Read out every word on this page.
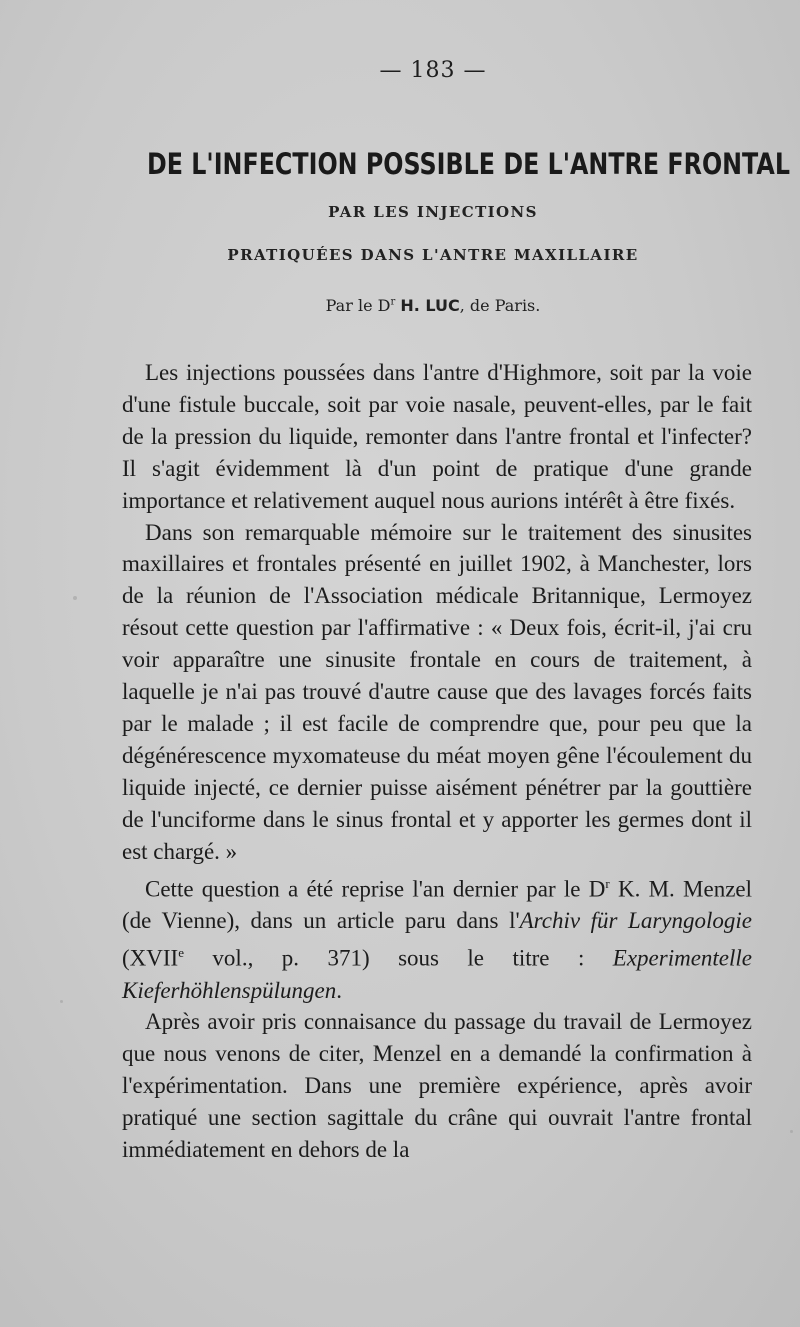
— 183 —
DE L'INFECTION POSSIBLE DE L'ANTRE FRONTAL
PAR LES INJECTIONS
PRATIQUÉES DANS L'ANTRE MAXILLAIRE
Par le $D^r$ H. LUC, de Paris.

Les injections poussées dans l'antre d'Highmore, soit par la voie d'une fistule buccale, soit par voie nasale, peuvent-elles, par le fait de la pression du liquide, remonter dans l'antre frontal et l'infecter? Il s'agit évidemment là d'un point de pratique d'une grande importance et relativement auquel nous aurions intérêt à être fixés.

Dans son remarquable mémoire sur le traitement des sinusites maxillaires et frontales présenté en juillet 1902, à Manchester, lors de la réunion de l'Association médicale Britannique, Lermoyez résout cette question par l'affirmative : « Deux fois, écrit-il, j'ai cru voir apparaître une sinusite frontale en cours de traitement, à laquelle je n'ai pas trouvé d'autre cause que des lavages forcés faits par le malade ; il est facile de comprendre que, pour peu que la dégénérescence myxomateuse du méat moyen gêne l'écoulement du liquide injecté, ce dernier puisse aisément pénétrer par la gouttière de l'unciforme dans le sinus frontal et y apporter les germes dont il est chargé. »

Cette question a été reprise l'an dernier par le $D^r$ K. M. Menzel (de Vienne), dans un article paru dans l'Archiv für Laryngologie (XVIIe vol., p. 371) sous le titre : Experimentelle Kieferhöhlenspülungen.

Après avoir pris connaisance du passage du travail de Lermoyez que nous venons de citer, Menzel en a demandé la confirmation à l'expérimentation. Dans une première expérience, après avoir pratiqué une section sagittale du crâne qui ouvrait l'antre frontal immédiatement en dehors de la
